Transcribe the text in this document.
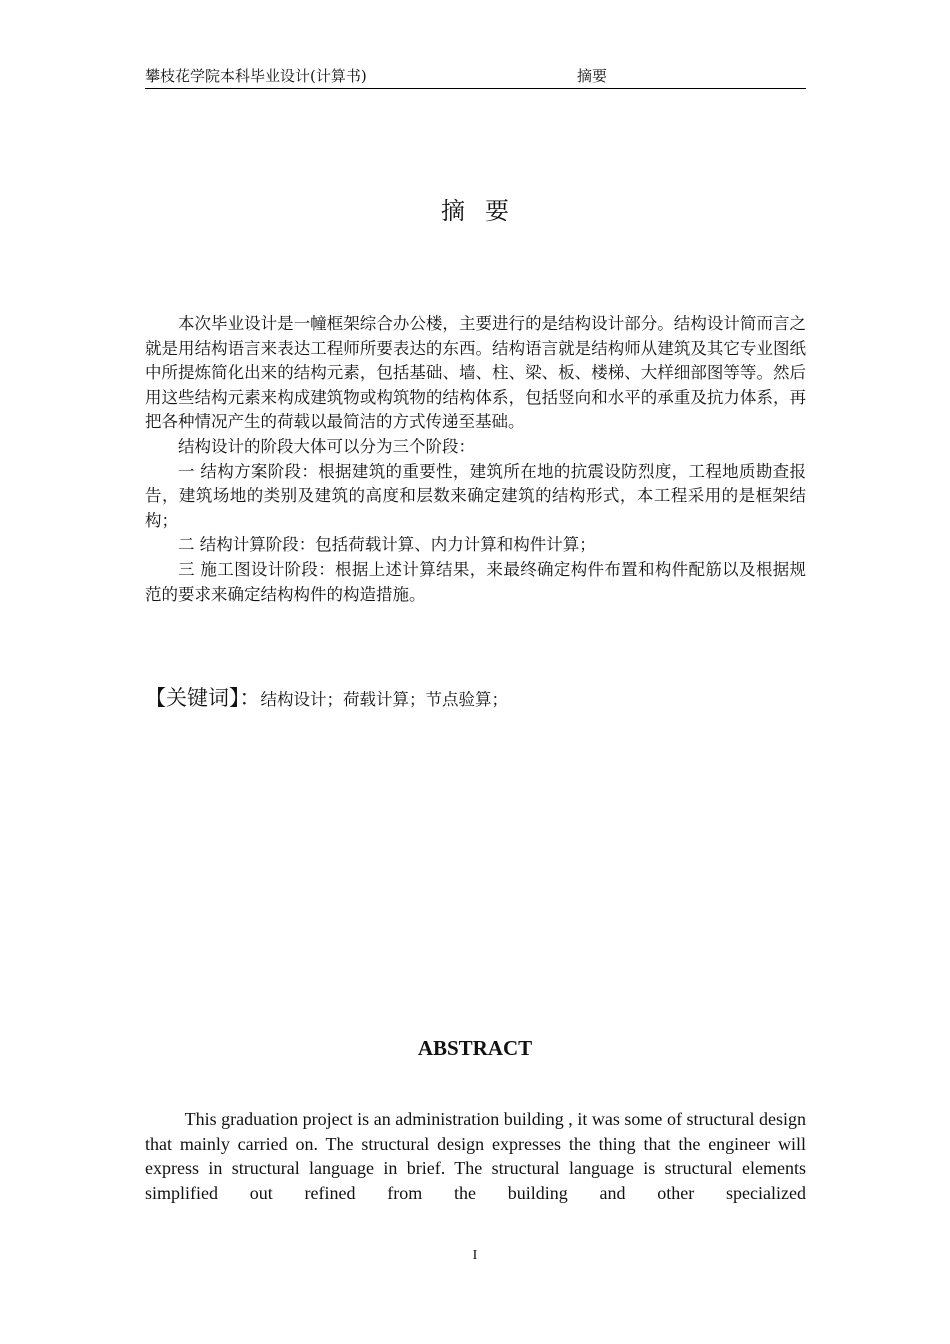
攀枝花学院本科毕业设计(计算书)	摘要
摘要

本次毕业设计是一幢框架综合办公楼，主要进行的是结构设计部分。结构设计简而言之就是用结构语言来表达工程师所要表达的东西。结构语言就是结构师从建筑及其它专业图纸中所提炼简化出来的结构元素，包括基础、墙、柱、梁、板、楼梯、大样细部图等等。然后用这些结构元素来构成建筑物或构筑物的结构体系，包括竖向和水平的承重及抗力体系，再把各种情况产生的荷载以最简洁的方式传递至基础。

结构设计的阶段大体可以分为三个阶段：

一 结构方案阶段：根据建筑的重要性，建筑所在地的抗震设防烈度，工程地质勘查报告，建筑场地的类别及建筑的高度和层数来确定建筑的结构形式，本工程采用的是框架结构；

二 结构计算阶段：包括荷载计算、内力计算和构件计算；

三 施工图设计阶段：根据上述计算结果，来最终确定构件布置和构件配筋以及根据规范的要求来确定结构构件的构造措施。

【关键词】：结构设计；荷载计算；节点验算；
ABSTRACT

This graduation project is an administration building , it was some of structural design that mainly carried on. The structural design expresses the thing that the engineer will express in structural language in brief. The structural language is structural elements simplified out refined from the building and other specialized

I
